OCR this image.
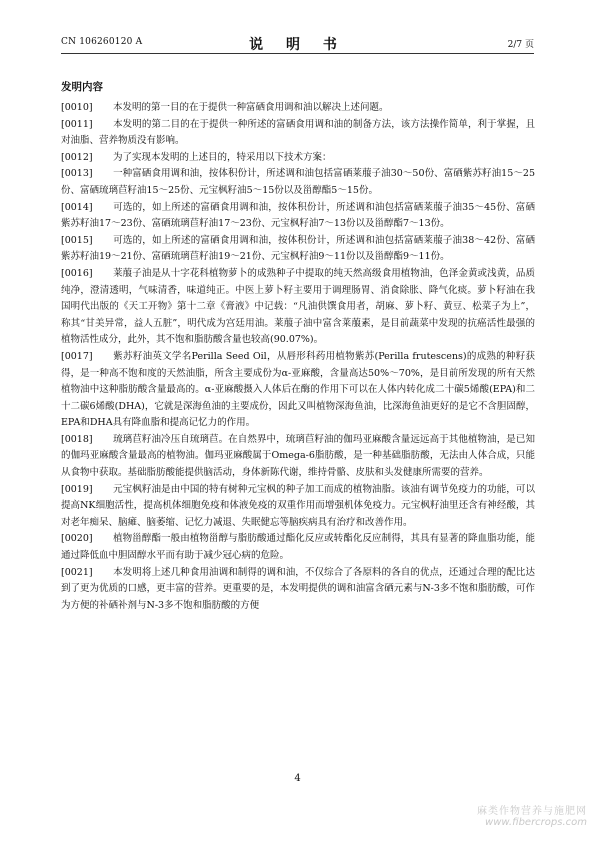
CN 106260120 A	说 明 书	2/7 页
发明内容

[0010] 本发明的第一目的在于提供一种富硒食用调和油以解决上述问题。

[0011] 本发明的第二目的在于提供一种所述的富硒食用调和油的制备方法，该方法操作简单，利于掌握，且对油脂、营养物质没有影响。

[0012] 为了实现本发明的上述目的，特采用以下技术方案：

[0013] 一种富硒食用调和油，按体积份计，所述调和油包括富硒莱菔子油30～50份、富硒紫苏籽油15～25份、富硒琉璃苣籽油15～25份、元宝枫籽油5～15份以及甾醇酯5～15份。

[0014] 可选的，如上所述的富硒食用调和油，按体积份计，所述调和油包括富硒莱菔子油35～45份、富硒紫苏籽油17～23份、富硒琉璃苣籽油17～23份、元宝枫籽油7～13份以及甾醇酯7～13份。

[0015] 可选的，如上所述的富硒食用调和油，按体积份计，所述调和油包括富硒莱菔子油38～42份、富硒紫苏籽油19～21份、富硒琉璃苣籽油19～21份、元宝枫籽油9～11份以及甾醇酯9～11份。

[0016] 莱菔子油是从十字花科植物萝卜的成熟种子中提取的纯天然高级食用植物油，色泽金黄或浅黄，品质纯净，澄清透明，气味清香，味道纯正。中医上萝卜籽主要用于调理肠胃、消食除胀、降气化痰。萝卜籽油在我国明代出版的《天工开物》第十二章《膏液》中记载：“凡油供馔食用者，胡麻、萝卜籽、黄豆、松菜子为上”，称其“甘美异常，益人五脏”，明代成为宫廷用油。莱菔子油中富含莱菔素，是目前蔬菜中发现的抗癌活性最强的植物活性成分，此外，其不饱和脂肪酸含量也较高(90.07%)。

[0017] 紫苏籽油英文学名Perilla Seed Oil，从唇形科药用植物紫苏(Perilla frutescens)的成熟的种籽获得，是一种高不饱和度的天然油脂，所含主要成份为α-亚麻酸，含量高达50%～70%，是目前所发现的所有天然植物油中这种脂肪酸含量最高的。α-亚麻酸摄入人体后在酶的作用下可以在人体内转化成二十碳5烯酸(EPA)和二十二碳6烯酸(DHA)，它就是深海鱼油的主要成份，因此又叫植物深海鱼油，比深海鱼油更好的是它不含胆固醇，EPA和DHA具有降血脂和提高记忆力的作用。

[0018] 琉璃苣籽油冷压自琉璃苣。在自然界中，琉璃苣籽油的伽玛亚麻酸含量远远高于其他植物油，是已知的伽玛亚麻酸含量最高的植物油。伽玛亚麻酸属于Omega-6脂肪酸，是一种基础脂肪酸，无法由人体合成，只能从食物中获取。基础脂肪酸能提供脑活动，身体新陈代谢，维持骨骼、皮肤和头发健康所需要的营养。

[0019] 元宝枫籽油是由中国的特有树种元宝枫的种子加工而成的植物油脂。该油有调节免疫力的功能，可以提高NK细胞活性，提高机体细胞免疫和体液免疫的双重作用而增强机体免疫力。元宝枫籽油里还含有神经酸，其对老年痴呆、脑瘫、脑萎缩、记忆力减退、失眠健忘等脑疾病具有治疗和改善作用。

[0020] 植物甾醇酯一般由植物甾醇与脂肪酸通过酯化反应或转酯化反应制得，其具有显著的降血脂功能，能通过降低血中胆固醇水平而有助于减少冠心病的危险。

[0021] 本发明将上述几种食用油调和制得的调和油，不仅综合了各原料的各自的优点，还通过合理的配比达到了更为优质的口感，更丰富的营养。更重要的是，本发明提供的调和油富含硒元素与N-3多不饱和脂肪酸，可作为方便的补硒补剂与N-3多不饱和脂肪酸的方便

4
麻类作物营养与施肥网
www.fibercrops.com
